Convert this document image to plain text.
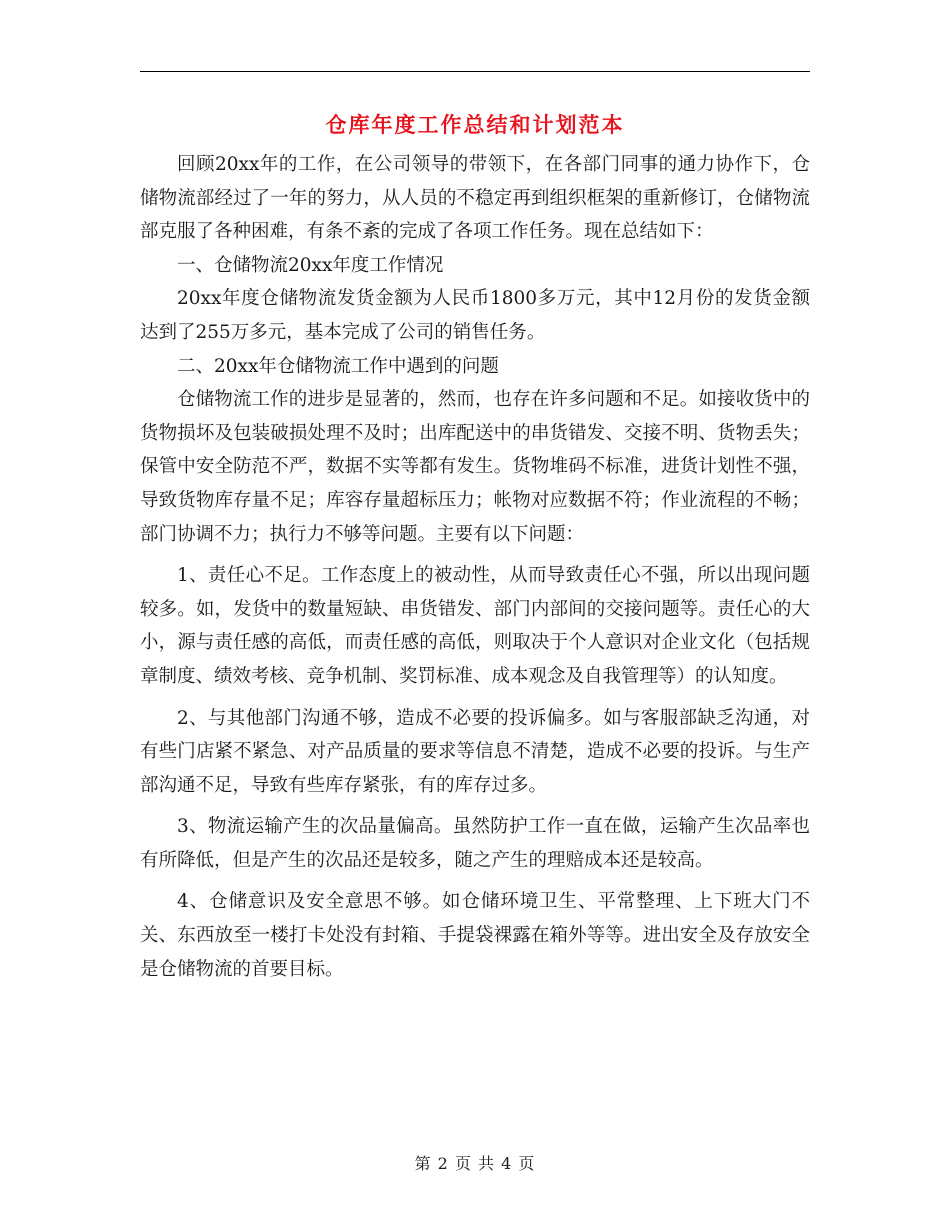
仓库年度工作总结和计划范本

回顾20xx年的工作，在公司领导的带领下，在各部门同事的通力协作下，仓储物流部经过了一年的努力，从人员的不稳定再到组织框架的重新修订，仓储物流部克服了各种困难，有条不紊的完成了各项工作任务。现在总结如下：

一、仓储物流20xx年度工作情况

20xx年度仓储物流发货金额为人民币1800多万元，其中12月份的发货金额达到了255万多元，基本完成了公司的销售任务。

二、20xx年仓储物流工作中遇到的问题

仓储物流工作的进步是显著的，然而，也存在许多问题和不足。如接收货中的货物损坏及包装破损处理不及时；出库配送中的串货错发、交接不明、货物丢失；保管中安全防范不严，数据不实等都有发生。货物堆码不标准，进货计划性不强，导致货物库存量不足；库容存量超标压力；帐物对应数据不符；作业流程的不畅；部门协调不力；执行力不够等问题。主要有以下问题：

1、责任心不足。工作态度上的被动性，从而导致责任心不强，所以出现问题较多。如，发货中的数量短缺、串货错发、部门内部间的交接问题等。责任心的大小，源与责任感的高低，而责任感的高低，则取决于个人意识对企业文化（包括规章制度、绩效考核、竞争机制、奖罚标准、成本观念及自我管理等）的认知度。

2、与其他部门沟通不够，造成不必要的投诉偏多。如与客服部缺乏沟通，对有些门店紧不紧急、对产品质量的要求等信息不清楚，造成不必要的投诉。与生产部沟通不足，导致有些库存紧张，有的库存过多。

3、物流运输产生的次品量偏高。虽然防护工作一直在做，运输产生次品率也有所降低，但是产生的次品还是较多，随之产生的理赔成本还是较高。

4、仓储意识及安全意思不够。如仓储环境卫生、平常整理、上下班大门不关、东西放至一楼打卡处没有封箱、手提袋裸露在箱外等等。进出安全及存放安全是仓储物流的首要目标。

第 2 页 共 4 页
